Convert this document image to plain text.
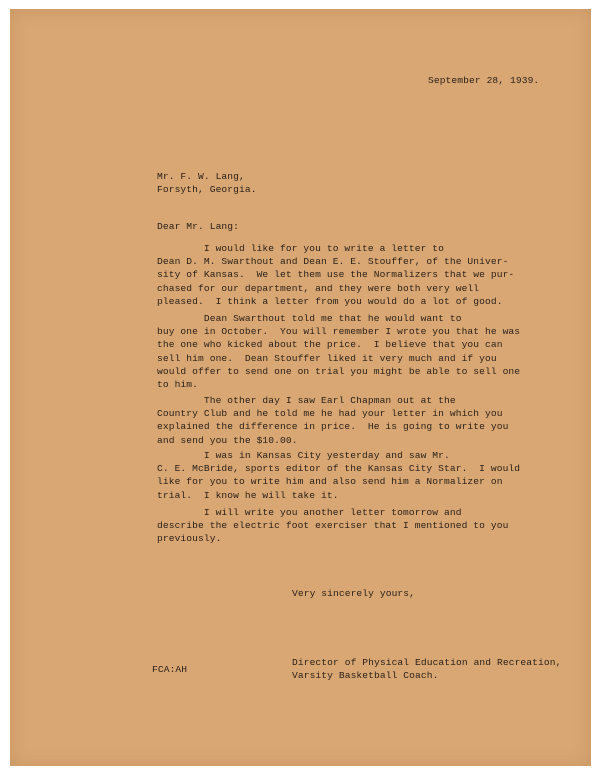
September 28, 1939.
Mr. F. W. Lang,
Forsyth, Georgia.
Dear Mr. Lang:
I would like for you to write a letter to
Dean D. M. Swarthout and Dean E. E. Stouffer, of the Univer-
sity of Kansas.  We let them use the Normalizers that we pur-
chased for our department, and they were both very well
pleased.  I think a letter from you would do a lot of good.
Dean Swarthout told me that he would want to
buy one in October.  You will remember I wrote you that he was
the one who kicked about the price.  I believe that you can
sell him one.  Dean Stouffer liked it very much and if you
would offer to send one on trial you might be able to sell one
to him.
The other day I saw Earl Chapman out at the
Country Club and he told me he had your letter in which you
explained the difference in price.  He is going to write you
and send you the $10.00.
I was in Kansas City yesterday and saw Mr.
C. E. McBride, sports editor of the Kansas City Star.  I would
like for you to write him and also send him a Normalizer on
trial.  I know he will take it.
I will write you another letter tomorrow and
describe the electric foot exerciser that I mentioned to you
previously.
Very sincerely yours,
Director of Physical Education and Recreation,
Varsity Basketball Coach.
FCA:AH
